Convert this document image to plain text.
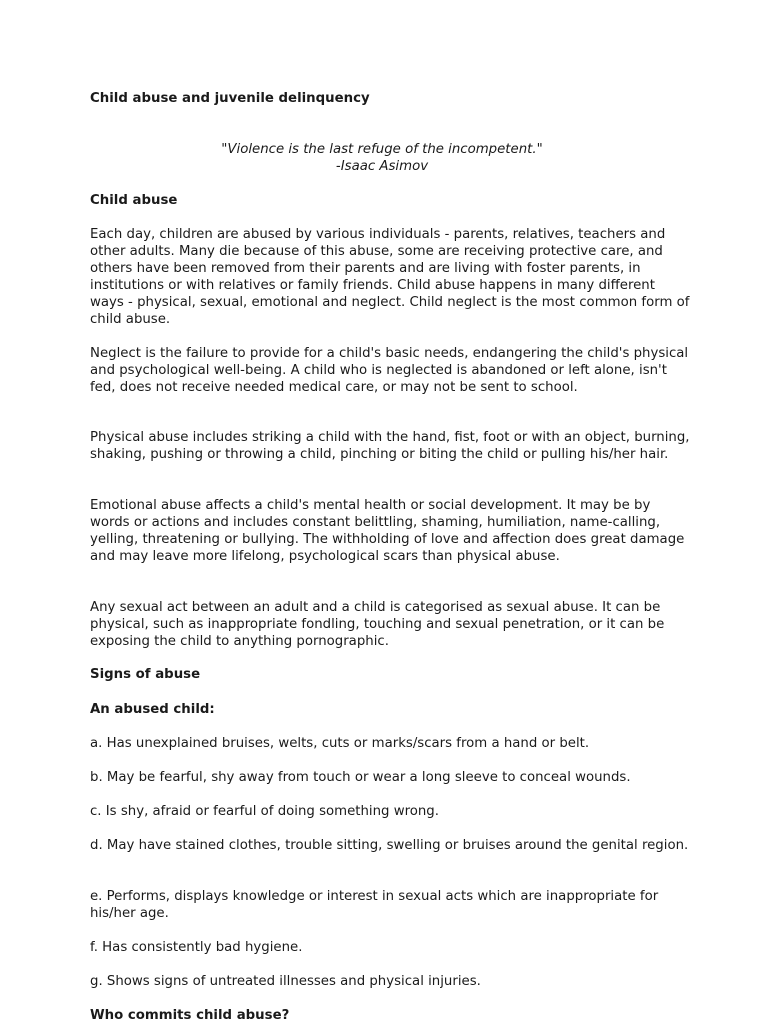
Child abuse and juvenile delinquency

"Violence is the last refuge of the incompetent."

-Isaac Asimov

Child abuse

Each day, children are abused by various individuals - parents, relatives, teachers and other adults. Many die because of this abuse, some are receiving protective care, and others have been removed from their parents and are living with foster parents, in institutions or with relatives or family friends. Child abuse happens in many different ways - physical, sexual, emotional and neglect. Child neglect is the most common form of child abuse.

Neglect is the failure to provide for a child's basic needs, endangering the child's physical and psychological well-being. A child who is neglected is abandoned or left alone, isn't fed, does not receive needed medical care, or may not be sent to school.

Physical abuse includes striking a child with the hand, fist, foot or with an object, burning, shaking, pushing or throwing a child, pinching or biting the child or pulling his/her hair.

Emotional abuse affects a child's mental health or social development. It may be by words or actions and includes constant belittling, shaming, humiliation, name-calling, yelling, threatening or bullying. The withholding of love and affection does great damage and may leave more lifelong, psychological scars than physical abuse.

Any sexual act between an adult and a child is categorised as sexual abuse. It can be physical, such as inappropriate fondling, touching and sexual penetration, or it can be exposing the child to anything pornographic.

Signs of abuse

An abused child:

a. Has unexplained bruises, welts, cuts or marks/scars from a hand or belt.

b. May be fearful, shy away from touch or wear a long sleeve to conceal wounds.

c. Is shy, afraid or fearful of doing something wrong.

d. May have stained clothes, trouble sitting, swelling or bruises around the genital region.

e. Performs, displays knowledge or interest in sexual acts which are inappropriate for his/her age.

f. Has consistently bad hygiene.

g. Shows signs of untreated illnesses and physical injuries.

Who commits child abuse?
